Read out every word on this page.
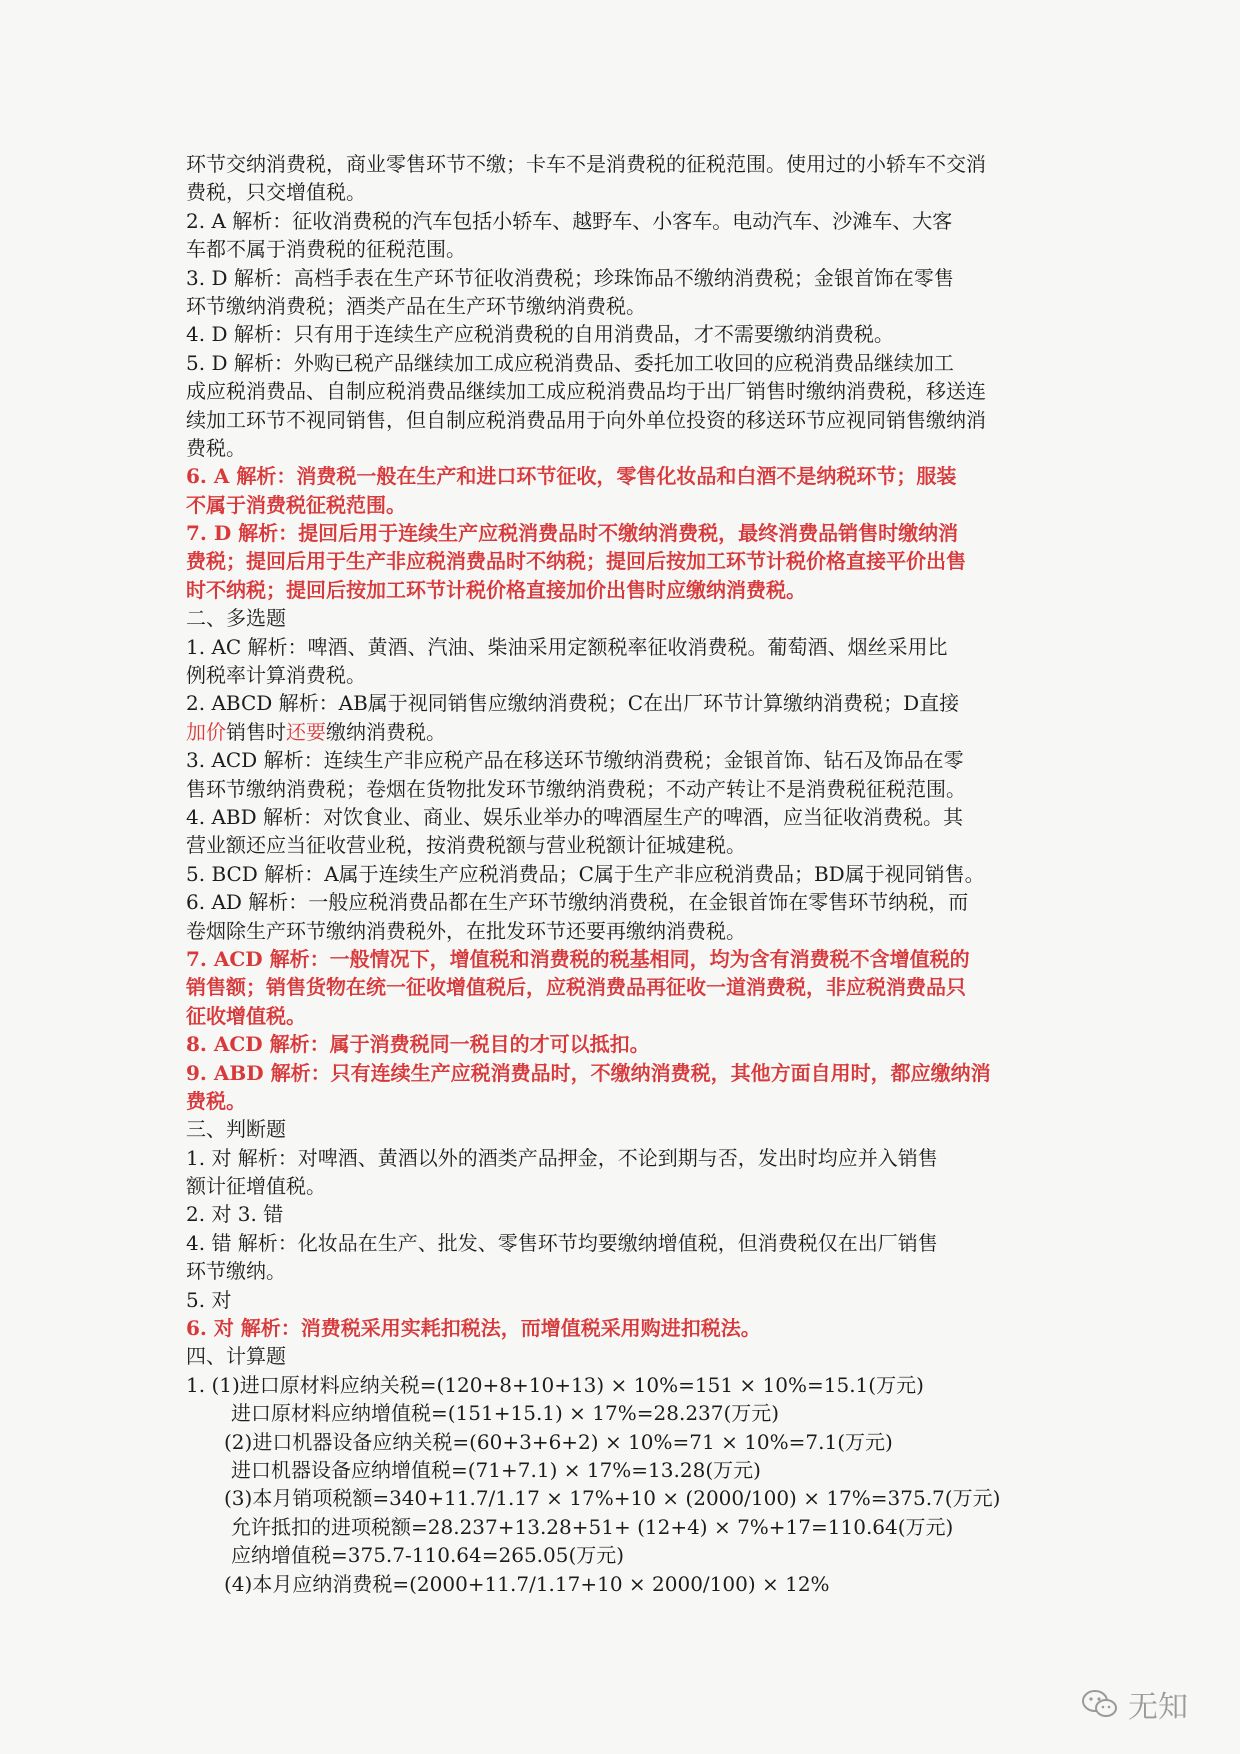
环节交纳消费税，商业零售环节不缴；卡车不是消费税的征税范围。使用过的小轿车不交消
费税，只交增值税。
2. A 解析：征收消费税的汽车包括小轿车、越野车、小客车。电动汽车、沙滩车、大客
车都不属于消费税的征税范围。
3. D 解析：高档手表在生产环节征收消费税；珍珠饰品不缴纳消费税；金银首饰在零售
环节缴纳消费税；酒类产品在生产环节缴纳消费税。
4. D 解析：只有用于连续生产应税消费税的自用消费品，才不需要缴纳消费税。
5. D 解析：外购已税产品继续加工成应税消费品、委托加工收回的应税消费品继续加工
成应税消费品、自制应税消费品继续加工成应税消费品均于出厂销售时缴纳消费税，移送连
续加工环节不视同销售，但自制应税消费品用于向外单位投资的移送环节应视同销售缴纳消
费税。
6. A 解析：消费税一般在生产和进口环节征收，零售化妆品和白酒不是纳税环节；服装
不属于消费税征税范围。
7. D 解析：提回后用于连续生产应税消费品时不缴纳消费税，最终消费品销售时缴纳消
费税；提回后用于生产非应税消费品时不纳税；提回后按加工环节计税价格直接平价出售
时不纳税；提回后按加工环节计税价格直接加价出售时应缴纳消费税。
二、多选题
1. AC 解析：啤酒、黄酒、汽油、柴油采用定额税率征收消费税。葡萄酒、烟丝采用比
例税率计算消费税。
2. ABCD 解析：AB属于视同销售应缴纳消费税；C在出厂环节计算缴纳消费税；D直接
加价销售时还要缴纳消费税。
3. ACD 解析：连续生产非应税产品在移送环节缴纳消费税；金银首饰、钻石及饰品在零
售环节缴纳消费税；卷烟在货物批发环节缴纳消费税；不动产转让不是消费税征税范围。
4. ABD 解析：对饮食业、商业、娱乐业举办的啤酒屋生产的啤酒，应当征收消费税。其
营业额还应当征收营业税，按消费税额与营业税额计征城建税。
5. BCD 解析：A属于连续生产应税消费品；C属于生产非应税消费品；BD属于视同销售。
6. AD 解析：一般应税消费品都在生产环节缴纳消费税，在金银首饰在零售环节纳税，而
卷烟除生产环节缴纳消费税外，在批发环节还要再缴纳消费税。
7. ACD 解析：一般情况下，增值税和消费税的税基相同，均为含有消费税不含增值税的
销售额；销售货物在统一征收增值税后，应税消费品再征收一道消费税，非应税消费品只
征收增值税。
8. ACD 解析：属于消费税同一税目的才可以抵扣。
9. ABD 解析：只有连续生产应税消费品时，不缴纳消费税，其他方面自用时，都应缴纳消
费税。
三、判断题
1. 对 解析：对啤酒、黄酒以外的酒类产品押金，不论到期与否，发出时均应并入销售
额计征增值税。
2. 对 3. 错
4. 错 解析：化妆品在生产、批发、零售环节均要缴纳增值税，但消费税仅在出厂销售
环节缴纳。
5. 对
6. 对 解析：消费税采用实耗扣税法，而增值税采用购进扣税法。
四、计算题
1. (1)进口原材料应纳关税=(120+8+10+13) × 10%=151 × 10%=15.1(万元)
进口原材料应纳增值税=(151+15.1) × 17%=28.237(万元)
(2)进口机器设备应纳关税=(60+3+6+2) × 10%=71 × 10%=7.1(万元)
进口机器设备应纳增值税=(71+7.1) × 17%=13.28(万元)
(3)本月销项税额=340+11.7/1.17 × 17%+10 × (2000/100) × 17%=375.7(万元)
允许抵扣的进项税额=28.237+13.28+51+ (12+4) × 7%+17=110.64(万元)
应纳增值税=375.7-110.64=265.05(万元)
(4)本月应纳消费税=(2000+11.7/1.17+10 × 2000/100) × 12%
无知
